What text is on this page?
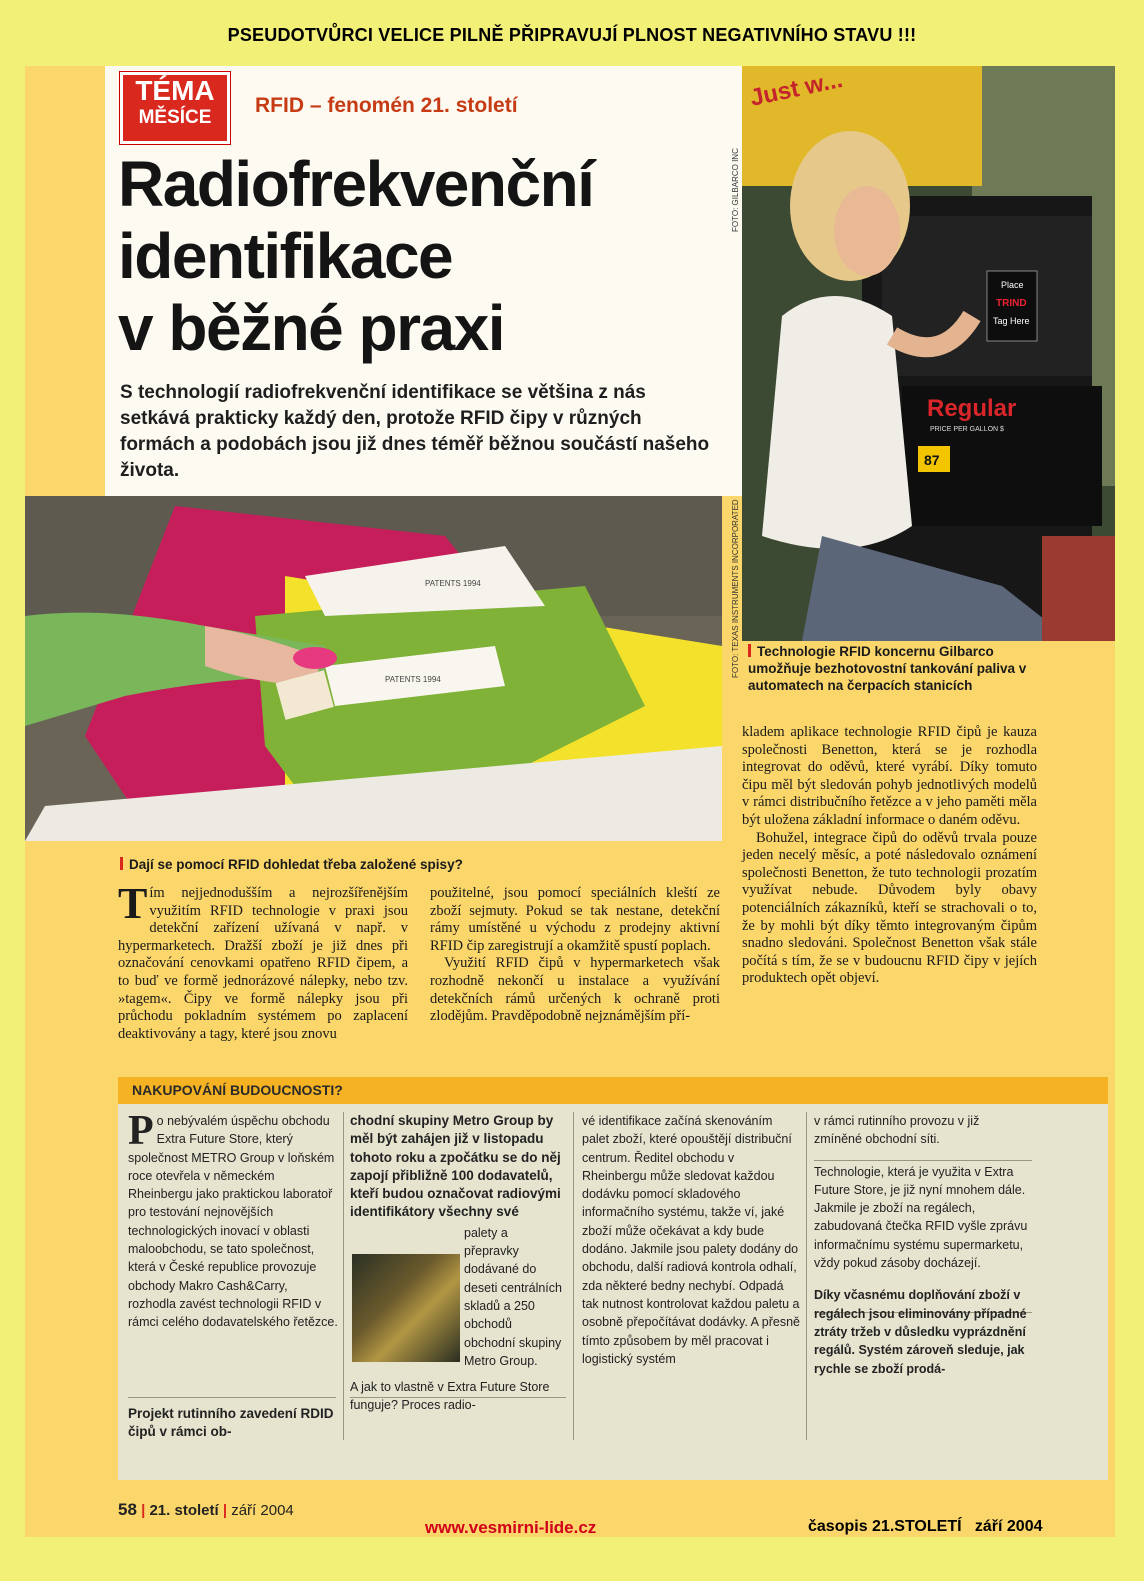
PSEUDOTVŮRCI VELICE PILNĚ PŘIPRAVUJÍ PLNOST NEGATIVNÍHO STAVU !!!
TÉMA
MĚSÍCE
RFID – fenomén 21. století
Radiofrekvenční
identifikace
v běžné praxi
S technologií radiofrekvenční identifikace se většina z nás setkává prakticky každý den, protože RFID čipy v různých formách a podobách jsou již dnes téměř běžnou součástí našeho života.
Just w...
Place
TRIND
Tag Here
Regular
PRICE PER GALLON $
87
FOTO: GILBARCO INC
FOTO: TEXAS INSTRUMENTS INCORPORATED
PATENTS 1994
PATENTS 1994
Technologie RFID koncernu Gilbarco umožňuje bezhotovostní tankování paliva v automatech na čerpacích stanicích
Dají se pomocí RFID dohledat třeba založené spisy?
Tím nejjednodušším a nejrozšířenějším využitím RFID technologie v praxi jsou detekční zařízení užívaná v např. v hypermarketech. Dražší zboží je již dnes při označování cenovkami opatřeno RFID čipem, a to buď ve formě jednorázové nálepky, nebo tzv. »tagem«. Čipy ve formě nálepky jsou při průchodu pokladním systémem po zaplacení deaktivovány a tagy, které jsou znovu
použitelné, jsou pomocí speciálních kleští ze zboží sejmuty. Pokud se tak nestane, detekční rámy umístěné u východu z prodejny aktivní RFID čip zaregistrují a okamžitě spustí poplach.
Využití RFID čipů v hypermarketech však rozhodně nekončí u instalace a využívání detekčních rámů určených k ochraně proti zlodějům. Pravděpodobně nejznámějším pří-
kladem aplikace technologie RFID čipů je kauza společnosti Benetton, která se je rozhodla integrovat do oděvů, které vyrábí. Díky tomuto čipu měl být sledován pohyb jednotlivých modelů v rámci distribučního řetězce a v jeho paměti měla být uložena základní informace o daném oděvu.
Bohužel, integrace čipů do oděvů trvala pouze jeden necelý měsíc, a poté následovalo oznámení společnosti Benetton, že tuto technologii prozatím využívat nebude. Důvodem byly obavy potenciálních zákazníků, kteří se strachovali o to, že by mohli být díky těmto integrovaným čipům snadno sledováni. Společnost Benetton však stále počítá s tím, že se v budoucnu RFID čipy v jejích produktech opět objeví.
NAKUPOVÁNÍ BUDOUCNOSTI?
Po nebývalém úspěchu obchodu Extra Future Store, který společnost METRO Group v loňském roce otevřela v německém Rheinbergu jako praktickou laboratoř pro testování nejnovějších technologických inovací v oblasti maloobchodu, se tato společnost, která v České republice provozuje obchody Makro Cash&Carry, rozhodla zavést technologii RFID v rámci celého dodavatelského řetězce.
Projekt rutinního zavedení RDID čipů v rámci ob-
chodní skupiny Metro Group by měl být zahájen již v listopadu tohoto roku a zpočátku se do něj zapojí přibližně 100 dodavatelů, kteří budou označovat radiovými identifikátory všechny své
palety a přepravky dodávané do deseti centrálních skladů a 250 obchodů obchodní skupiny Metro Group.
A jak to vlastně v Extra Future Store funguje? Proces radio-
vé identifikace začíná skenováním palet zboží, které opouštějí distribuční centrum. Ředitel obchodu v Rheinbergu může sledovat každou dodávku pomocí skladového informačního systému, takže ví, jaké zboží může očekávat a kdy bude dodáno. Jakmile jsou palety dodány do obchodu, další radiová kontrola odhalí, zda některé bedny nechybí. Odpadá tak nutnost kontrolovat každou paletu a osobně přepočítávat dodávky. A přesně tímto způsobem by měl pracovat i logistický systém
v rámci rutinního provozu v již zmíněné obchodní síti.
Technologie, která je využita v Extra Future Store, je již nyní mnohem dále. Jakmile je zboží na regálech, zabudovaná čtečka RFID vyšle zprávu informačnímu systému supermarketu, vždy pokud zásoby docházejí.
Díky včasnému doplňování zboží v regálech jsou eliminovány případné ztráty tržeb v důsledku vyprázdnění regálů. Systém zároveň sleduje, jak rychle se zboží prodá-
58 | 21. století | září 2004
www.vesmirni-lide.cz	časopis 21.STOLETÍ   září 2004
